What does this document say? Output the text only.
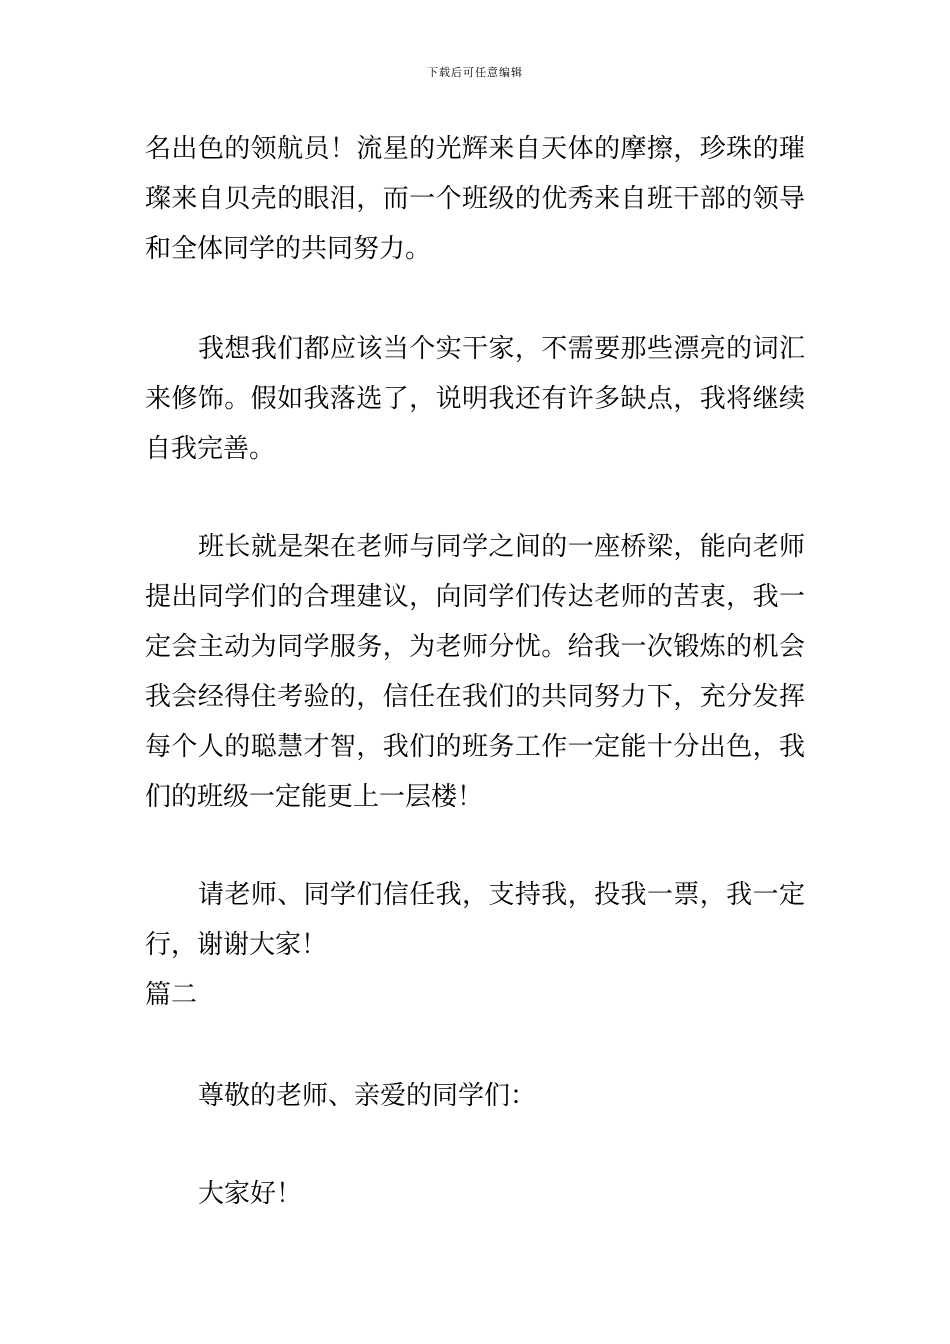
下载后可任意编辑
名出色的领航员！流星的光辉来自天体的摩擦，珍珠的璀
璨来自贝壳的眼泪，而一个班级的优秀来自班干部的领导
和全体同学的共同努力。
我想我们都应该当个实干家，不需要那些漂亮的词汇
来修饰。假如我落选了，说明我还有许多缺点，我将继续
自我完善。
班长就是架在老师与同学之间的一座桥梁，能向老师
提出同学们的合理建议，向同学们传达老师的苦衷，我一
定会主动为同学服务，为老师分忧。给我一次锻炼的机会
我会经得住考验的，信任在我们的共同努力下，充分发挥
每个人的聪慧才智，我们的班务工作一定能十分出色，我
们的班级一定能更上一层楼！
请老师、同学们信任我，支持我，投我一票，我一定
行，谢谢大家！
篇二
尊敬的老师、亲爱的同学们：
大家好！
